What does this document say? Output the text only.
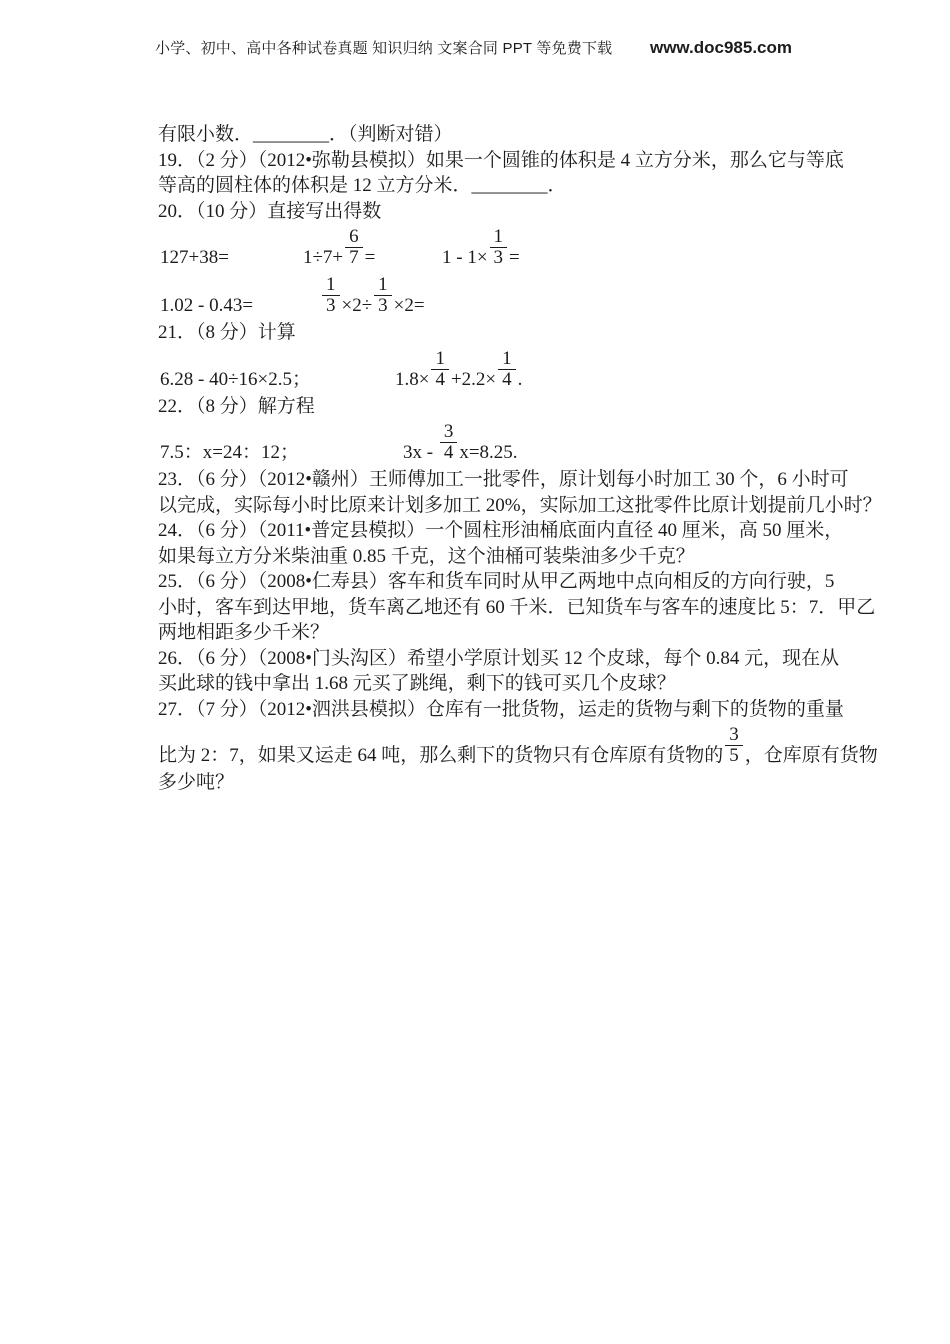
小学、初中、高中各种试卷真题 知识归纳 文案合同 PPT 等免费下载 www.doc985.com
有限小数．________．（判断对错）
19．（2 分）（2012•弥勒县模拟）如果一个圆锥的体积是 4 立方分米，那么它与等底
等高的圆柱体的体积是 12 立方分米．________．
20．（10 分）直接写出得数
127+38=	$1\div 7+ \frac{6}{7}$ =	$1 - 1\times \frac{1}{3}$ =
1.02 - 0.43=	$\frac{1}{3} \times 2\div \frac{1}{3} \times 2=$
21．（8 分）计算
6.28 - 40÷16×2.5；	$1.8\times \frac{1}{4} +2.2\times \frac{1}{4}$ .
22．（8 分）解方程
7.5：x=24：12；	$3x - \frac{3}{4} x=8.25$.
23．（6 分）（2012•赣州）王师傅加工一批零件，原计划每小时加工 30 个，6 小时可
以完成，实际每小时比原来计划多加工 20%，实际加工这批零件比原计划提前几小时？
24．（6 分）（2011•普定县模拟）一个圆柱形油桶底面内直径 40 厘米，高 50 厘米，
如果每立方分米柴油重 0.85 千克，这个油桶可装柴油多少千克？
25．（6 分）（2008•仁寿县）客车和货车同时从甲乙两地中点向相反的方向行驶，5
小时，客车到达甲地，货车离乙地还有 60 千米．已知货车与客车的速度比 5：7．甲乙
两地相距多少千米？
26．（6 分）（2008•门头沟区）希望小学原计划买 12 个皮球，每个 0.84 元，现在从
买此球的钱中拿出 1.68 元买了跳绳，剩下的钱可买几个皮球？
27．（7 分）（2012•泗洪县模拟）仓库有一批货物，运走的货物与剩下的货物的重量
比为 2：7，如果又运走 64 吨，那么剩下的货物只有仓库原有货物的 $\frac{3}{5}$ ，仓库原有货物
多少吨？
